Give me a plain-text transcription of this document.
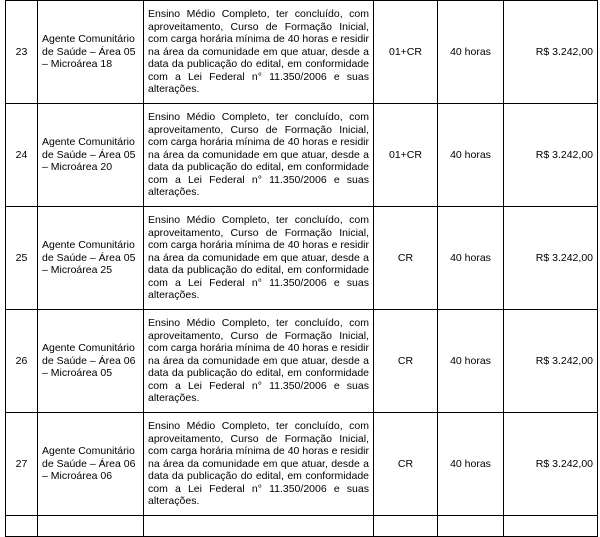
23	Agente Comunitário de Saúde – Área 05 – Microárea 18	Ensino Médio Completo, ter concluído, com aproveitamento, Curso de Formação Inicial, com carga horária mínima de 40 horas e residir na área da comunidade em que atuar, desde a data da publicação do edital, em conformidade com a Lei Federal n° 11.350/2006 e suas alterações.	01+CR	40 horas	R$ 3.242,00
24	Agente Comunitário de Saúde – Área 05 – Microárea 20	Ensino Médio Completo, ter concluído, com aproveitamento, Curso de Formação Inicial, com carga horária mínima de 40 horas e residir na área da comunidade em que atuar, desde a data da publicação do edital, em conformidade com a Lei Federal n° 11.350/2006 e suas alterações.	01+CR	40 horas	R$ 3.242,00
25	Agente Comunitário de Saúde – Área 05 – Microárea 25	Ensino Médio Completo, ter concluído, com aproveitamento, Curso de Formação Inicial, com carga horária mínima de 40 horas e residir na área da comunidade em que atuar, desde a data da publicação do edital, em conformidade com a Lei Federal n° 11.350/2006 e suas alterações.	CR	40 horas	R$ 3.242,00
26	Agente Comunitário de Saúde – Área 06 – Microárea 05	Ensino Médio Completo, ter concluído, com aproveitamento, Curso de Formação Inicial, com carga horária mínima de 40 horas e residir na área da comunidade em que atuar, desde a data da publicação do edital, em conformidade com a Lei Federal n° 11.350/2006 e suas alterações.	CR	40 horas	R$ 3.242,00
27	Agente Comunitário de Saúde – Área 06 – Microárea 06	Ensino Médio Completo, ter concluído, com aproveitamento, Curso de Formação Inicial, com carga horária mínima de 40 horas e residir na área da comunidade em que atuar, desde a data da publicação do edital, em conformidade com a Lei Federal n° 11.350/2006 e suas alterações.	CR	40 horas	R$ 3.242,00
